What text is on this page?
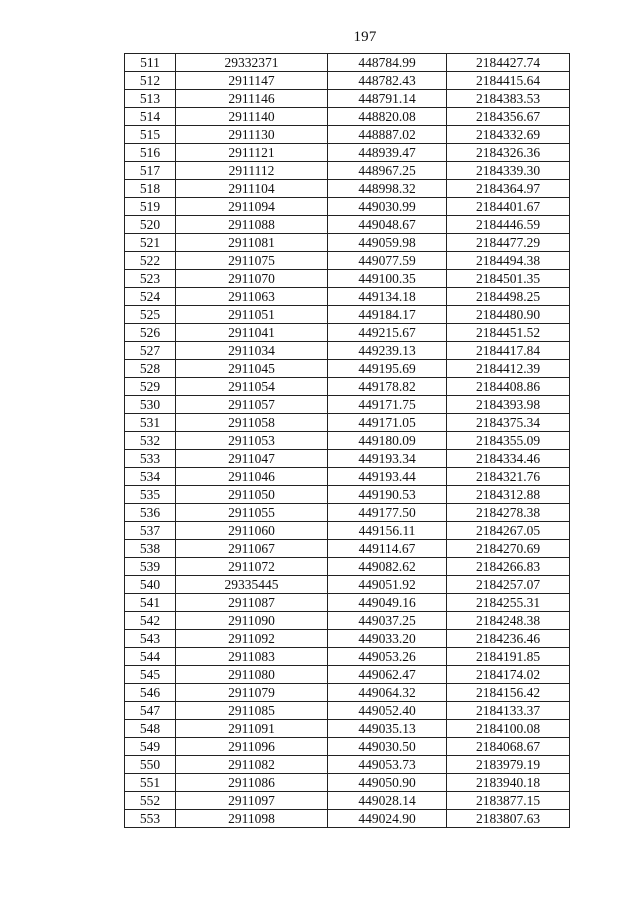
197
511	29332371	448784.99	2184427.74
512	2911147	448782.43	2184415.64
513	2911146	448791.14	2184383.53
514	2911140	448820.08	2184356.67
515	2911130	448887.02	2184332.69
516	2911121	448939.47	2184326.36
517	2911112	448967.25	2184339.30
518	2911104	448998.32	2184364.97
519	2911094	449030.99	2184401.67
520	2911088	449048.67	2184446.59
521	2911081	449059.98	2184477.29
522	2911075	449077.59	2184494.38
523	2911070	449100.35	2184501.35
524	2911063	449134.18	2184498.25
525	2911051	449184.17	2184480.90
526	2911041	449215.67	2184451.52
527	2911034	449239.13	2184417.84
528	2911045	449195.69	2184412.39
529	2911054	449178.82	2184408.86
530	2911057	449171.75	2184393.98
531	2911058	449171.05	2184375.34
532	2911053	449180.09	2184355.09
533	2911047	449193.34	2184334.46
534	2911046	449193.44	2184321.76
535	2911050	449190.53	2184312.88
536	2911055	449177.50	2184278.38
537	2911060	449156.11	2184267.05
538	2911067	449114.67	2184270.69
539	2911072	449082.62	2184266.83
540	29335445	449051.92	2184257.07
541	2911087	449049.16	2184255.31
542	2911090	449037.25	2184248.38
543	2911092	449033.20	2184236.46
544	2911083	449053.26	2184191.85
545	2911080	449062.47	2184174.02
546	2911079	449064.32	2184156.42
547	2911085	449052.40	2184133.37
548	2911091	449035.13	2184100.08
549	2911096	449030.50	2184068.67
550	2911082	449053.73	2183979.19
551	2911086	449050.90	2183940.18
552	2911097	449028.14	2183877.15
553	2911098	449024.90	2183807.63
